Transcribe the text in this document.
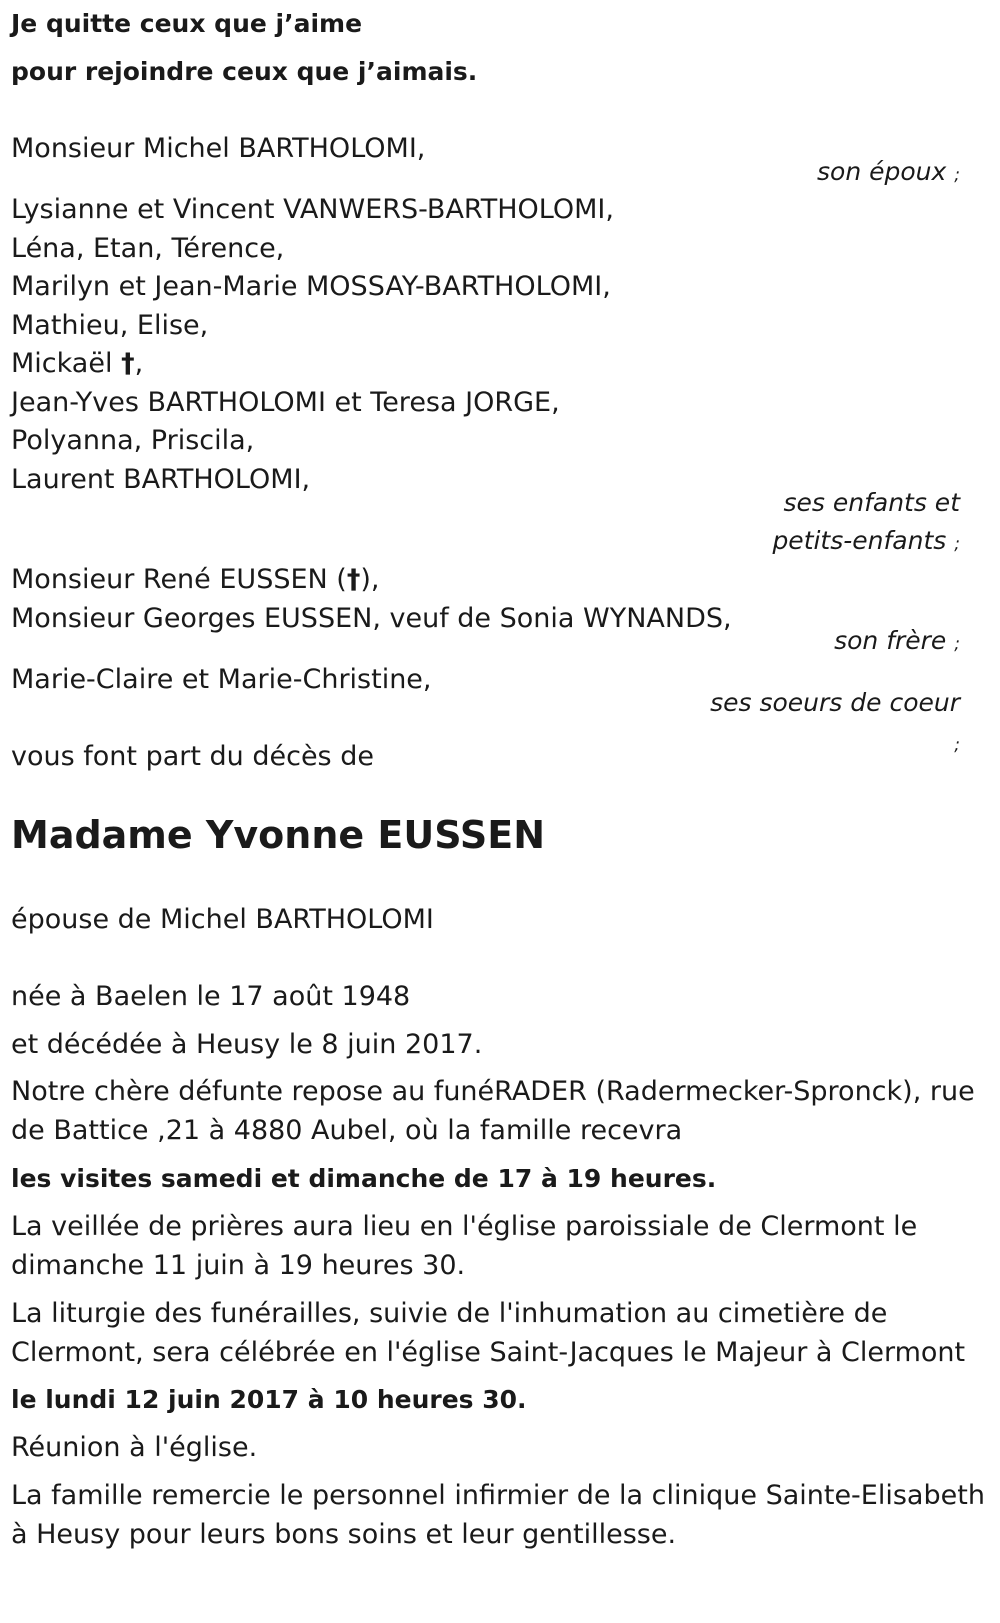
Je quitte ceux que j’aime
pour rejoindre ceux que j’aimais.
Monsieur Michel BARTHOLOMI,
son époux ;
Lysianne et Vincent VANWERS-BARTHOLOMI,
Léna, Etan, Térence,
Marilyn et Jean-Marie MOSSAY-BARTHOLOMI,
Mathieu, Elise,
Mickaël †,
Jean-Yves BARTHOLOMI et Teresa JORGE,
Polyanna, Priscila,
Laurent BARTHOLOMI,
ses enfants et
petits-enfants ;
Monsieur René EUSSEN (†),
Monsieur Georges EUSSEN, veuf de Sonia WYNANDS,
son frère ;
Marie-Claire et Marie-Christine,
ses soeurs de coeur
;
vous font part du décès de
Madame Yvonne EUSSEN
épouse de Michel BARTHOLOMI
née à Baelen le 17 août 1948
et décédée à Heusy le 8 juin 2017.
Notre chère défunte repose au funéRADER (Radermecker-Spronck), rue
de Battice ,21 à 4880 Aubel, où la famille recevra
les visites samedi et dimanche de 17 à 19 heures.
La veillée de prières aura lieu en l'église paroissiale de Clermont le
dimanche 11 juin à 19 heures 30.
La liturgie des funérailles, suivie de l'inhumation au cimetière de
Clermont, sera célébrée en l'église Saint-Jacques le Majeur à Clermont
le lundi 12 juin 2017 à 10 heures 30.
Réunion à l'église.
La famille remercie le personnel infirmier de la clinique Sainte-Elisabeth
à Heusy pour leurs bons soins et leur gentillesse.
